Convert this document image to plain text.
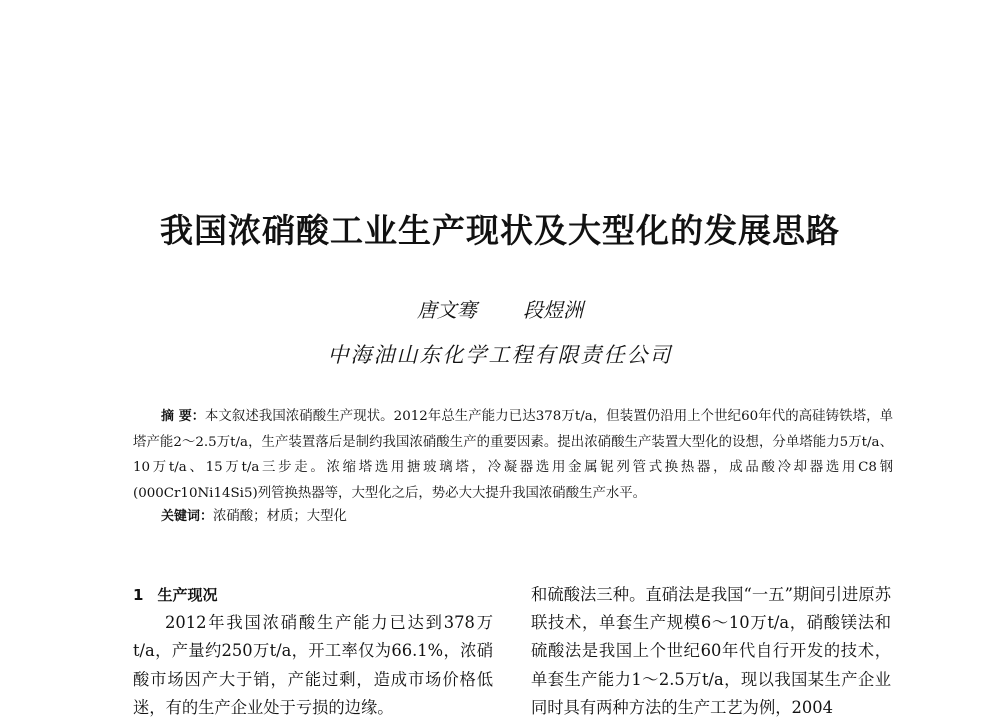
我国浓硝酸工业生产现状及大型化的发展思路
唐文骞 段煜洲
中海油山东化学工程有限责任公司
摘 要：本文叙述我国浓硝酸生产现状。2012年总生产能力已达378万t/a，但装置仍沿用上个世纪60年代的高硅铸铁塔，单塔产能2～2.5万t/a，生产装置落后是制约我国浓硝酸生产的重要因素。提出浓硝酸生产装置大型化的设想，分单塔能力5万t/a、10万t/a、15万t/a三步走。浓缩塔选用搪玻璃塔，冷凝器选用金属铌列管式换热器，成品酸冷却器选用C8钢(000Cr10Ni14Si5)列管换热器等，大型化之后，势必大大提升我国浓硝酸生产水平。
关键词：浓硝酸；材质；大型化
1 生产现况
2012年我国浓硝酸生产能力已达到378万t/a，产量约250万t/a，开工率仅为66.1%，浓硝酸市场因产大于销，产能过剩，造成市场价格低迷，有的生产企业处于亏损的边缘。
和硫酸法三种。直硝法是我国“一五”期间引进原苏联技术，单套生产规模6～10万t/a，硝酸镁法和硫酸法是我国上个世纪60年代自行开发的技术，单套生产能力1～2.5万t/a，现以我国某生产企业同时具有两种方法的生产工艺为例，2004
